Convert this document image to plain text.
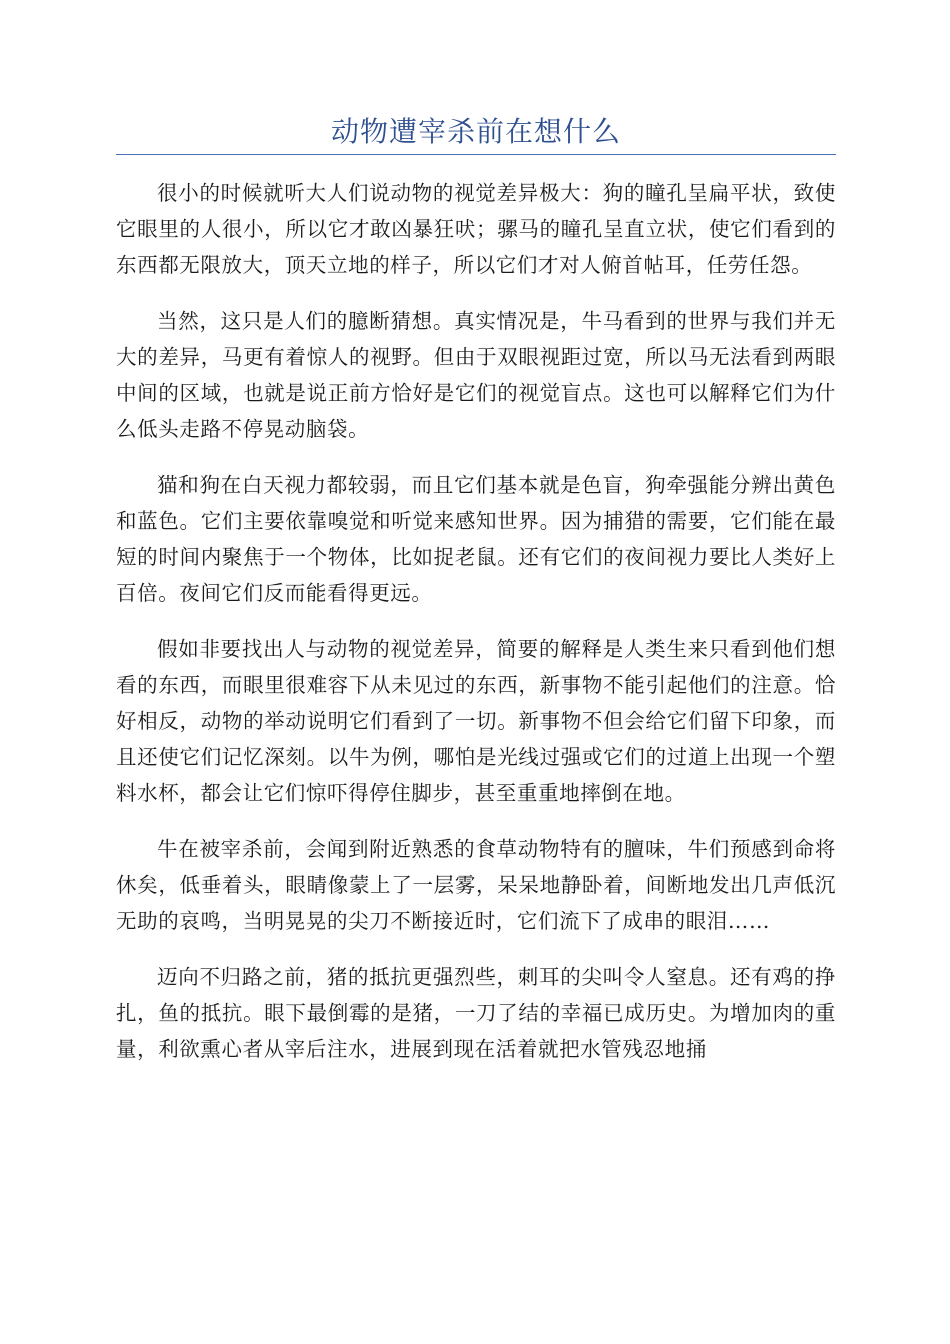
动物遭宰杀前在想什么

很小的时候就听大人们说动物的视觉差异极大：狗的瞳孔呈扁平状，致使它眼里的人很小，所以它才敢凶暴狂吠；骡马的瞳孔呈直立状，使它们看到的东西都无限放大，顶天立地的样子，所以它们才对人俯首帖耳，任劳任怨。

当然，这只是人们的臆断猜想。真实情况是，牛马看到的世界与我们并无大的差异，马更有着惊人的视野。但由于双眼视距过宽，所以马无法看到两眼中间的区域，也就是说正前方恰好是它们的视觉盲点。这也可以解释它们为什么低头走路不停晃动脑袋。

猫和狗在白天视力都较弱，而且它们基本就是色盲，狗牵强能分辨出黄色和蓝色。它们主要依靠嗅觉和听觉来感知世界。因为捕猎的需要，它们能在最短的时间内聚焦于一个物体，比如捉老鼠。还有它们的夜间视力要比人类好上百倍。夜间它们反而能看得更远。

假如非要找出人与动物的视觉差异，简要的解释是人类生来只看到他们想看的东西，而眼里很难容下从未见过的东西，新事物不能引起他们的注意。恰好相反，动物的举动说明它们看到了一切。新事物不但会给它们留下印象，而且还使它们记忆深刻。以牛为例，哪怕是光线过强或它们的过道上出现一个塑料水杯，都会让它们惊吓得停住脚步，甚至重重地摔倒在地。

牛在被宰杀前，会闻到附近熟悉的食草动物特有的膻味，牛们预感到命将休矣，低垂着头，眼睛像蒙上了一层雾，呆呆地静卧着，间断地发出几声低沉无助的哀鸣，当明晃晃的尖刀不断接近时，它们流下了成串的眼泪……

迈向不归路之前，猪的抵抗更强烈些，刺耳的尖叫令人窒息。还有鸡的挣扎，鱼的抵抗。眼下最倒霉的是猪，一刀了结的幸福已成历史。为增加肉的重量，利欲熏心者从宰后注水，进展到现在活着就把水管残忍地捅
